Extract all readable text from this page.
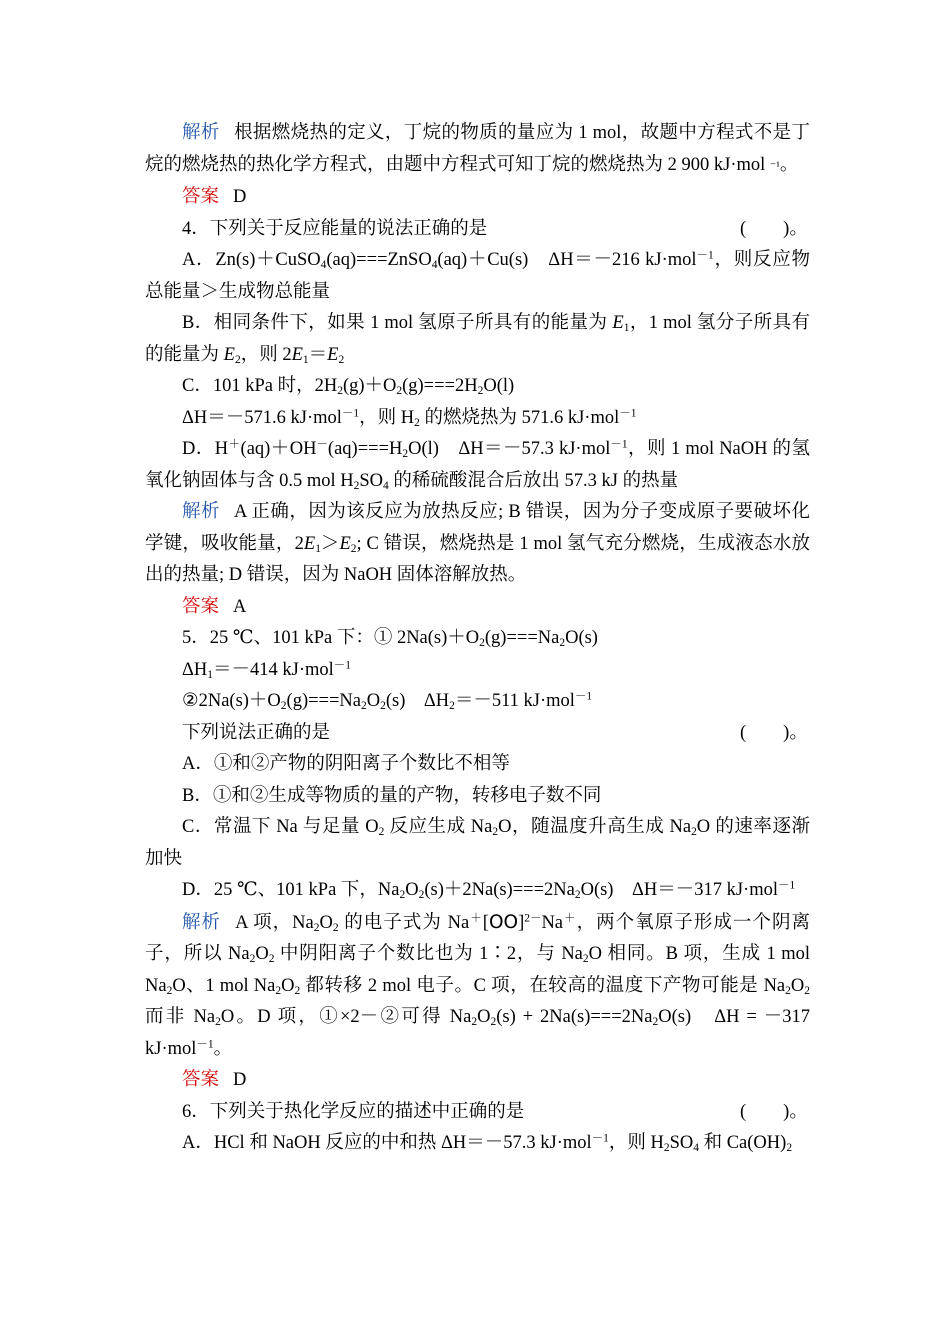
解析 根据燃烧热的定义，丁烷的物质的量应为 1 mol，故题中方程式不是丁烷的燃烧热的热化学方程式，由题中方程式可知丁烷的燃烧热为 2 900 kJ·mol ⁻¹。

答案 D

4．下列关于反应能量的说法正确的是	(　　)。

A．Zn(s)＋CuSO$_4$(aq)===ZnSO$_4$(aq)＋Cu(s)　ΔH＝－216 kJ·mol$^{-1}$，则反应物总能量＞生成物总能量

B．相同条件下，如果 1 mol 氢原子所具有的能量为 $E_1$，1 mol 氢分子所具有的能量为 $E_2$，则 $2E_1=E_2$

C．101 kPa 时，$2H_2(g)+O_2(g)===2H_2O(l)$

ΔH＝－571.6 kJ·mol$^{-1}$，则 $H_2$ 的燃烧热为 571.6 kJ·mol$^{-1}$

D．$H^+(aq)+OH^-(aq)===H_2O(l)$　ΔH＝－57.3 kJ·mol$^{-1}$，则 1 mol NaOH 的氢氧化钠固体与含 0.5 mol $H_2SO_4$ 的稀硫酸混合后放出 57.3 kJ 的热量

解析 A 正确，因为该反应为放热反应; B 错误，因为分子变成原子要破坏化学键，吸收能量，$2E_1>E_2$; C 错误，燃烧热是 1 mol 氢气充分燃烧，生成液态水放出的热量; D 错误，因为 NaOH 固体溶解放热。

答案 A

5．25 ℃、101 kPa 下：① $2Na(s)+O_2(g)===Na_2O(s)$

$\Delta H_1=-414$ kJ·mol$^{-1}$

$②2Na(s)+O_2(g)===Na_2O_2(s)$　$\Delta H_2=-511$ kJ·mol$^{-1}$

下列说法正确的是	(　　)。

A．①和②产物的阴阳离子个数比不相等

B．①和②生成等物质的量的产物，转移电子数不同

C．常温下 Na 与足量 $O_2$ 反应生成 $Na_2O$，随温度升高生成 $Na_2O$ 的速率逐渐加快

D．25 ℃、101 kPa 下，$Na_2O_2(s)+2Na(s)===2Na_2O(s)$　ΔH＝－317 kJ·mol$^{-1}$

解析 A 项，$Na_2O_2$ 的电子式为 Na＋[OO]$^{2-}$Na＋，两个氧原子形成一个阴离子，所以 $Na_2O_2$ 中阴阳离子个数比也为 1∶2，与 $Na_2O$ 相同。B 项，生成 1 mol $Na_2O$、1 mol $Na_2O_2$ 都转移 2 mol 电子。C 项，在较高的温度下产物可能是 $Na_2O_2$ 而非 $Na_2O$。D 项，①×2－②可得 $Na_2O_2(s) + 2Na(s)===2Na_2O(s)$　ΔH = －317 kJ·mol$^{-1}$。

答案 D

6．下列关于热化学反应的描述中正确的是	(　　)。

A．HCl 和 NaOH 反应的中和热 ΔH＝－57.3 kJ·mol$^{-1}$，则 $H_2SO_4$ 和 $Ca(OH)_2$
